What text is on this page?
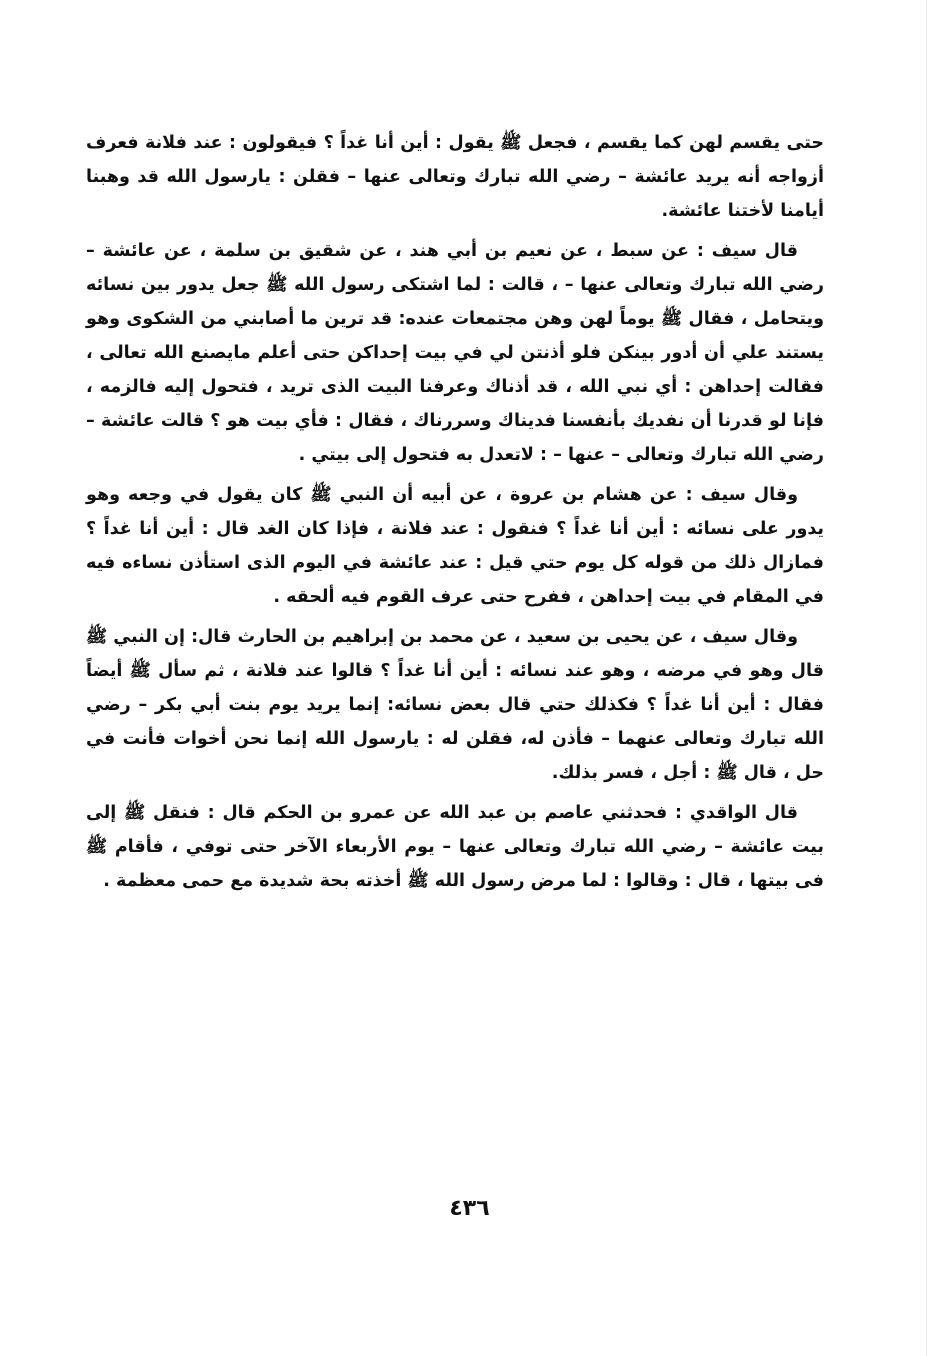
حتى يقسم لهن كما يقسم ، فجعل ﷺ يقول : أين أنا غداً ؟ فيقولون : عند فلانة فعرف أزواجه أنه يريد عائشة – رضي الله تبارك وتعالى عنها – فقلن : يارسول الله قد وهبنا أيامنا لأختنا عائشة.

قال سيف : عن سبط ، عن نعيم بن أبي هند ، عن شقيق بن سلمة ، عن عائشة – رضي الله تبارك وتعالى عنها – ، قالت : لما اشتكى رسول الله ﷺ جعل يدور بين نسائه ويتحامل ، فقال ﷺ يوماً لهن وهن مجتمعات عنده: قد ترين ما أصابني من الشكوى وهو يستند علي أن أدور بينكن فلو أذنتن لي في بيت إحداكن حتى أعلم مايصنع الله تعالى ، فقالت إحداهن : أي نبي الله ، قد أذناك وعرفنا البيت الذى تريد ، فتحول إليه فالزمه ، فإنا لو قدرنا أن نفديك بأنفسنا فديناك وسررناك ، فقال : فأي بيت هو ؟ قالت عائشة – رضي الله تبارك وتعالى – عنها – : لاتعدل به فتحول إلى بيتي .

وقال سيف : عن هشام بن عروة ، عن أبيه أن النبي ﷺ كان يقول في وجعه وهو يدور على نسائه : أين أنا غداً ؟ فنقول : عند فلانة ، فإذا كان الغد قال : أين أنا غداً ؟ فمازال ذلك من قوله كل يوم حتي قيل : عند عائشة في اليوم الذى استأذن نساءه فيه في المقام في بيت إحداهن ، ففرح حتى عرف القوم فيه ألحقه .

وقال سيف ، عن يحيى بن سعيد ، عن محمد بن إبراهيم بن الحارث قال: إن النبي ﷺ قال وهو في مرضه ، وهو عند نسائه : أين أنا غداً ؟ قالوا عند فلانة ، ثم سأل ﷺ أيضاً فقال : أين أنا غداً ؟ فكذلك حتي قال بعض نسائه: إنما يريد يوم بنت أبي بكر – رضي الله تبارك وتعالى عنهما – فأذن له، فقلن له : يارسول الله إنما نحن أخوات فأنت في حل ، قال ﷺ : أجل ، فسر بذلك.

قال الواقدي : فحدثني عاصم بن عبد الله عن عمرو بن الحكم قال : فنقل ﷺ إلى بيت عائشة – رضي الله تبارك وتعالى عنها – يوم الأربعاء الآخر حتى توفي ، فأقام ﷺ فى بيتها ، قال : وقالوا : لما مرض رسول الله ﷺ أخذته بحة شديدة مع حمى معظمة .

٤٣٦
